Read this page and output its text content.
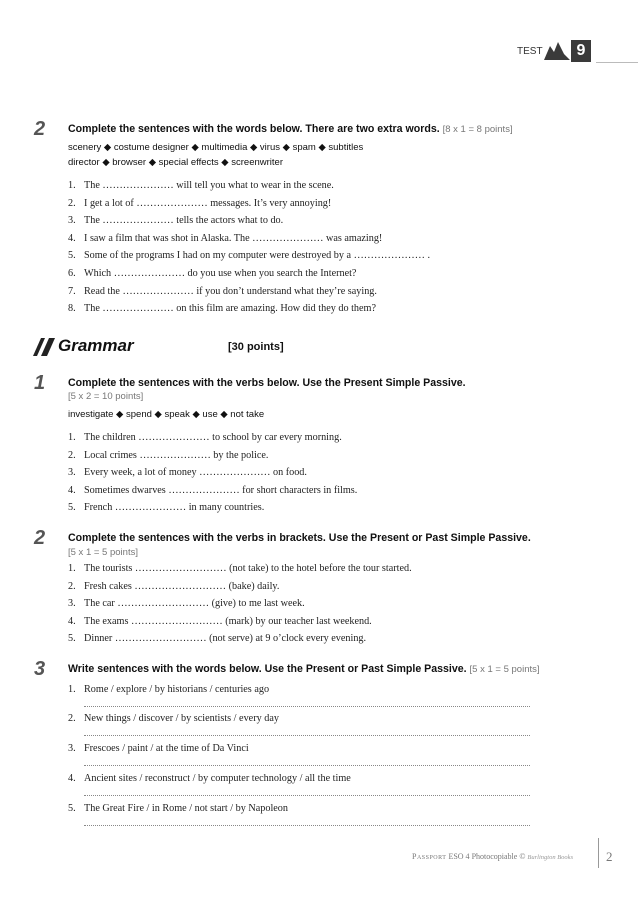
TEST	9
2 Complete the sentences with the words below. There are two extra words. [8 x 1 = 8 points]
scenery ◆ costume designer ◆ multimedia ◆ virus ◆ spam ◆ subtitles
director ◆ browser ◆ special effects ◆ screenwriter
1. The ………………… will tell you what to wear in the scene.
2. I get a lot of ………………… messages. It’s very annoying!
3. The ………………… tells the actors what to do.
4. I saw a film that was shot in Alaska. The ………………… was amazing!
5. Some of the programs I had on my computer were destroyed by a ………………… .
6. Which ………………… do you use when you search the Internet?
7. Read the ………………… if you don’t understand what they’re saying.
8. The ………………… on this film are amazing. How did they do them?
Grammar	[30 points]
1 Complete the sentences with the verbs below. Use the Present Simple Passive.
[5 x 2 = 10 points]
investigate ◆ spend ◆ speak ◆ use ◆ not take
1. The children ………………… to school by car every morning.
2. Local crimes ………………… by the police.
3. Every week, a lot of money ………………… on food.
4. Sometimes dwarves ………………… for short characters in films.
5. French ………………… in many countries.
2 Complete the sentences with the verbs in brackets. Use the Present or Past Simple Passive.
[5 x 1 = 5 points]
1. The tourists ……………………… (not take) to the hotel before the tour started.
2. Fresh cakes ……………………… (bake) daily.
3. The car ……………………… (give) to me last week.
4. The exams ……………………… (mark) by our teacher last weekend.
5. Dinner ……………………… (not serve) at 9 o’clock every evening.
3 Write sentences with the words below. Use the Present or Past Simple Passive. [5 x 1 = 5 points]
1. Rome / explore / by historians / centuries ago
2. New things / discover / by scientists / every day
3. Frescoes / paint / at the time of Da Vinci
4. Ancient sites / reconstruct / by computer technology / all the time
5. The Great Fire / in Rome / not start / by Napoleon
Passport ESO 4 Photocopiable © Burlington Books	2
